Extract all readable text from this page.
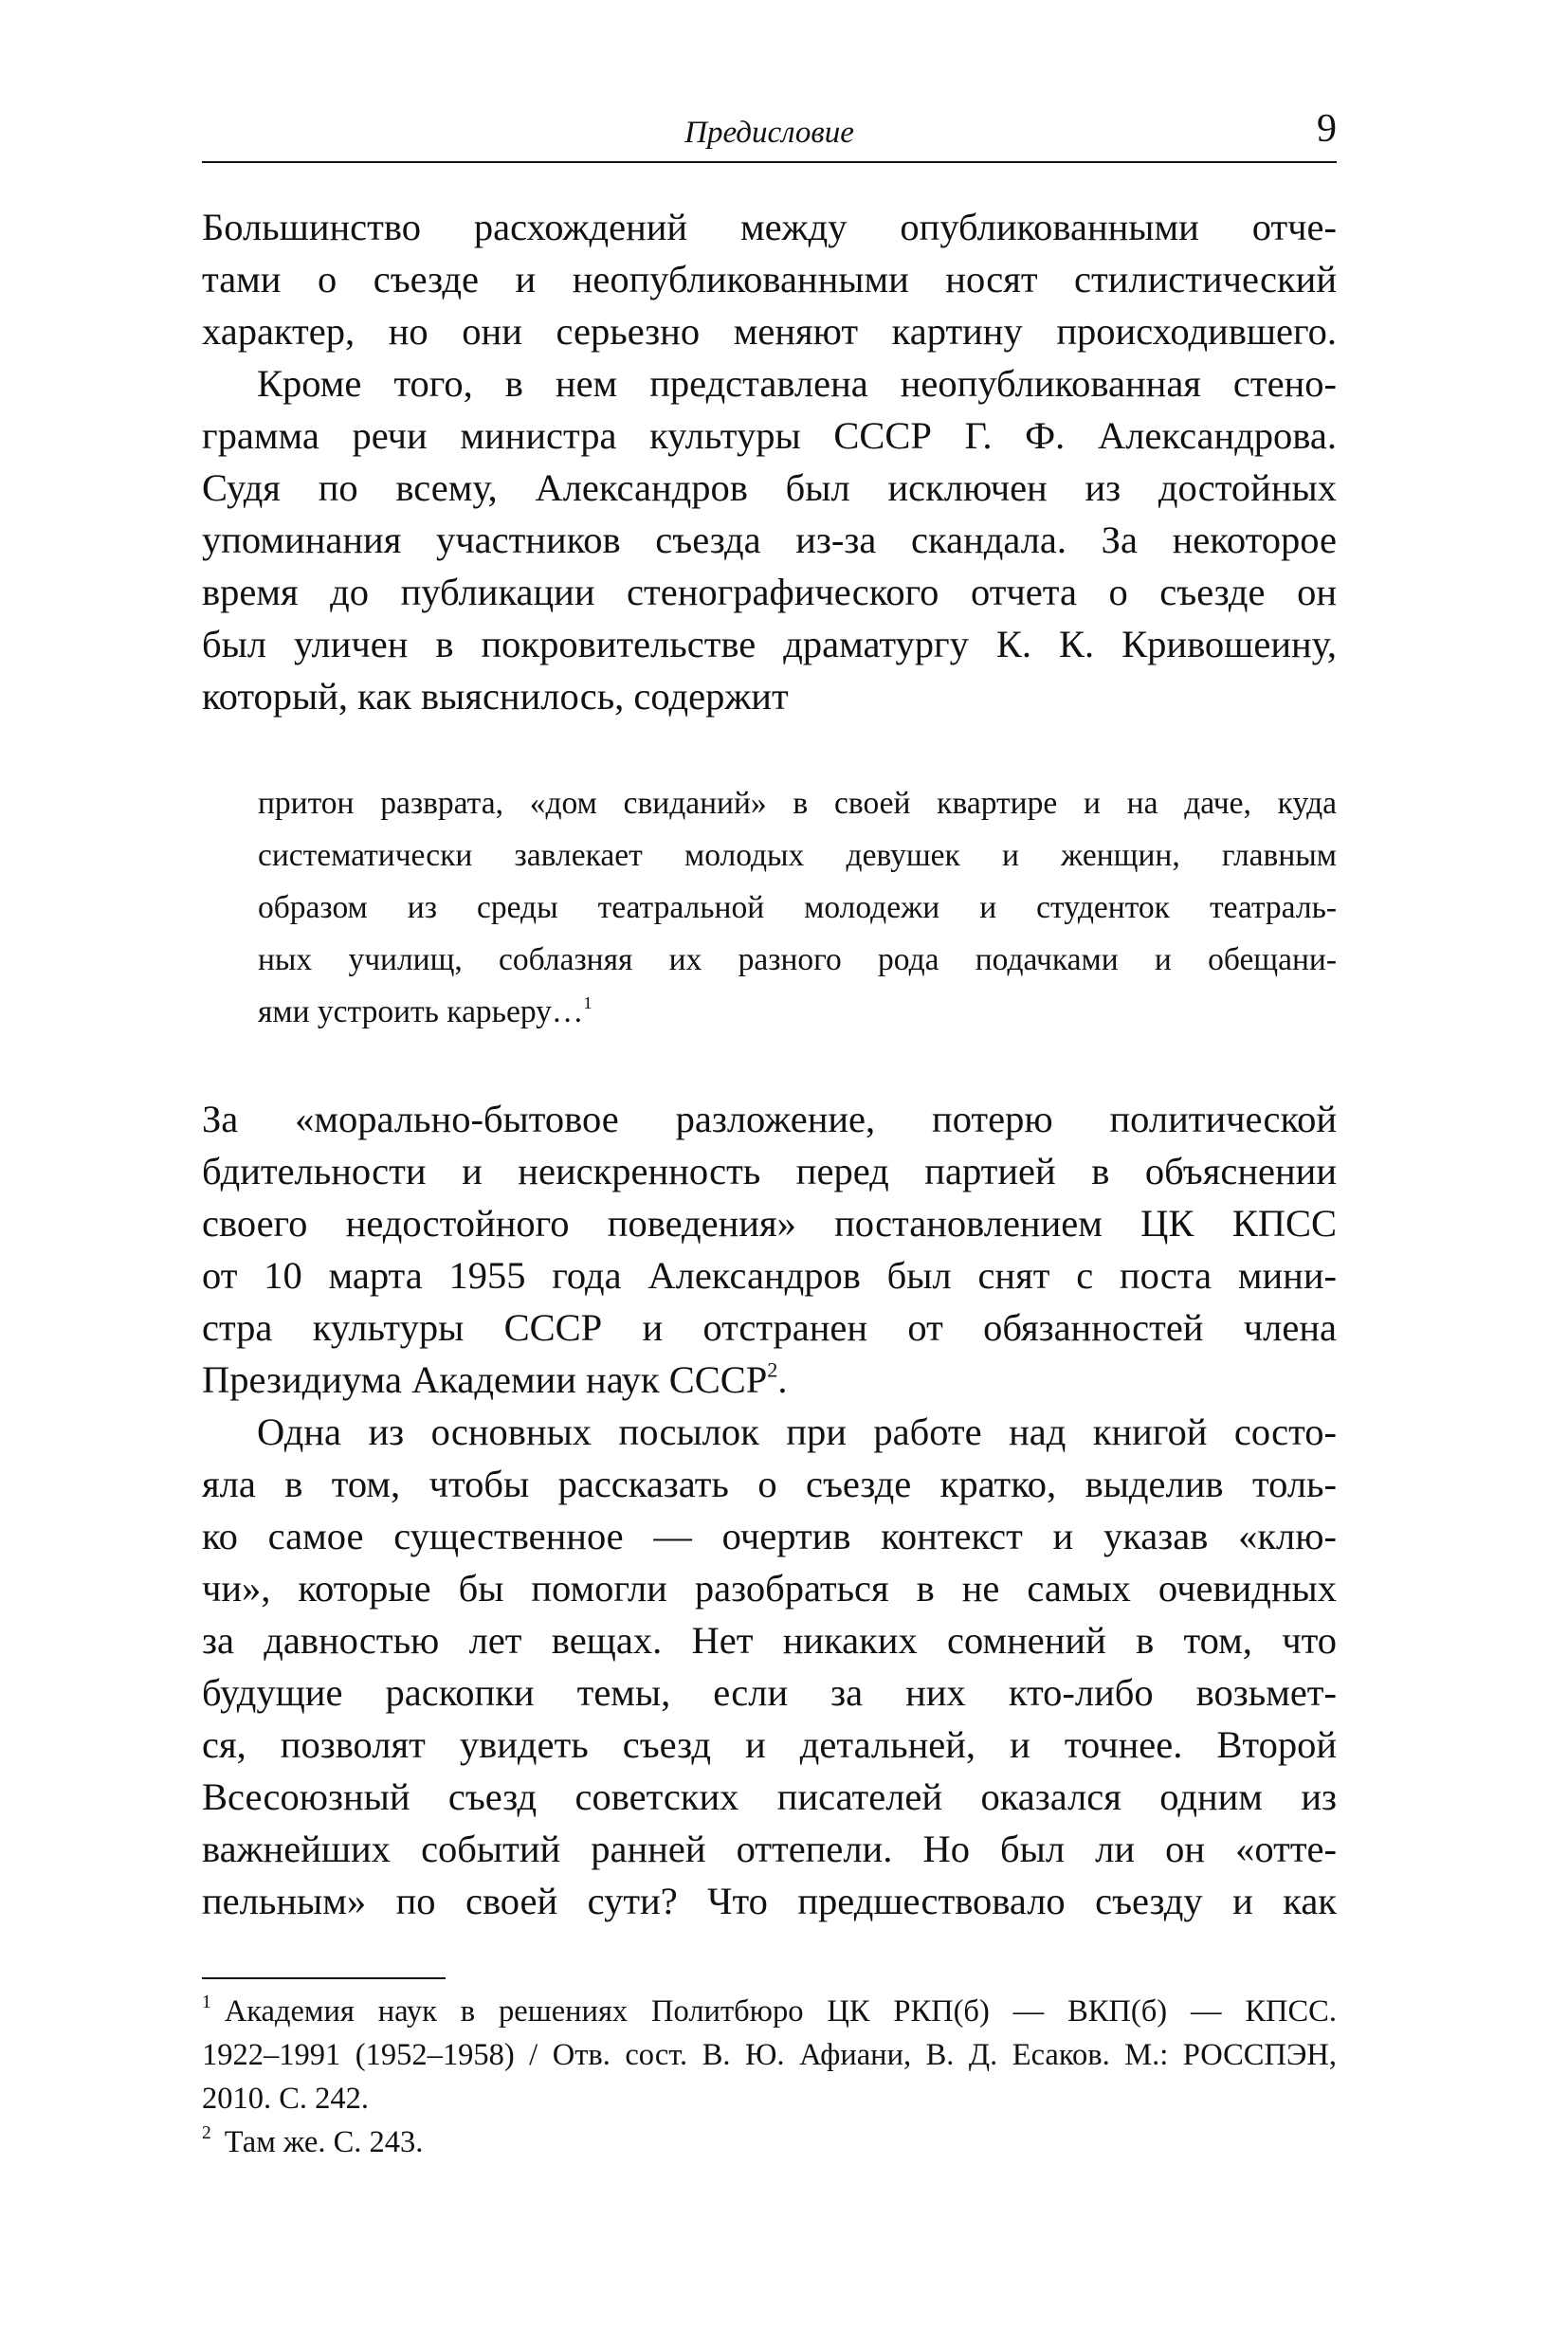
Предисловие	9
Большинство расхождений между опубликованными отче-
тами о съезде и неопубликованными носят стилистический
характер, но они серьезно меняют картину происходившего.
Кроме того, в нем представлена неопубликованная стено-
грамма речи министра культуры СССР Г. Ф. Александрова.
Судя по всему, Александров был исключен из достойных
упоминания участников съезда из-за скандала. За некоторое
время до публикации стенографического отчета о съезде он
был уличен в покровительстве драматургу К. К. Кривошеину,
который, как выяснилось, содержит
притон разврата, «дом свиданий» в своей квартире и на даче, куда
систематически завлекает молодых девушек и женщин, главным
образом из среды театральной молодежи и студенток театраль-
ных училищ, соблазняя их разного рода подачками и обещани-
ями устроить карьеру…$^1$
За «морально-бытовое разложение, потерю политической
бдительности и неискренность перед партией в объяснении
своего недостойного поведения» постановлением ЦК КПСС
от 10 марта 1955 года Александров был снят с поста мини-
стра культуры СССР и отстранен от обязанностей члена
Президиума Академии наук СССР$^2$.
Одна из основных посылок при работе над книгой состо-
яла в том, чтобы рассказать о съезде кратко, выделив толь-
ко самое существенное — очертив контекст и указав «клю-
чи», которые бы помогли разобраться в не самых очевидных
за давностью лет вещах. Нет никаких сомнений в том, что
будущие раскопки темы, если за них кто-либо возьмет-
ся, позволят увидеть съезд и детальней, и точнее. Второй
Всесоюзный съезд советских писателей оказался одним из
важнейших событий ранней оттепели. Но был ли он «отте-
пельным» по своей сути? Что предшествовало съезду и как
$^1$ Академия наук в решениях Политбюро ЦК РКП(б) — ВКП(б) — КПСС.
1922–1991 (1952–1958) / Отв. сост. В. Ю. Афиани, В. Д. Есаков. М.: РОССПЭН,
2010. С. 242.
$^2$ Там же. С. 243.
